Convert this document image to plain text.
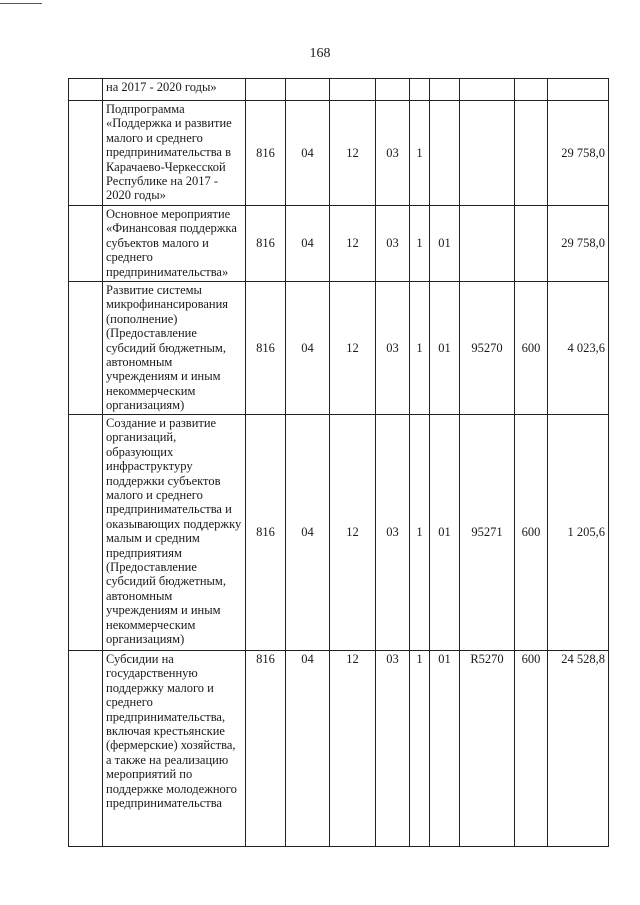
168
	на 2017 - 2020 годы»									
	Подпрограмма «Поддержка и развитие малого и среднего предпринимательства в Карачаево-Черкесской Республике на 2017 - 2020 годы»	816	04	12	03	1				29 758,0
	Основное мероприятие «Финансовая поддержка субъектов малого и среднего предпринимательства»	816	04	12	03	1	01			29 758,0
	Развитие системы микрофинансирования (пополнение) (Предоставление субсидий бюджетным, автономным учреждениям и иным некоммерческим организациям)	816	04	12	03	1	01	95270	600	4 023,6
	Создание и развитие организаций, образующих инфраструктуру поддержки субъектов малого и среднего предпринимательства и оказывающих поддержку малым и средним предприятиям (Предоставление субсидий бюджетным, автономным учреждениям и иным некоммерческим организациям)	816	04	12	03	1	01	95271	600	1 205,6
	Субсидии на государственную поддержку малого и среднего предпринимательства, включая крестьянские (фермерские) хозяйства, а также на реализацию мероприятий по поддержке молодежного предпринимательства	816	04	12	03	1	01	R5270	600	24 528,8
